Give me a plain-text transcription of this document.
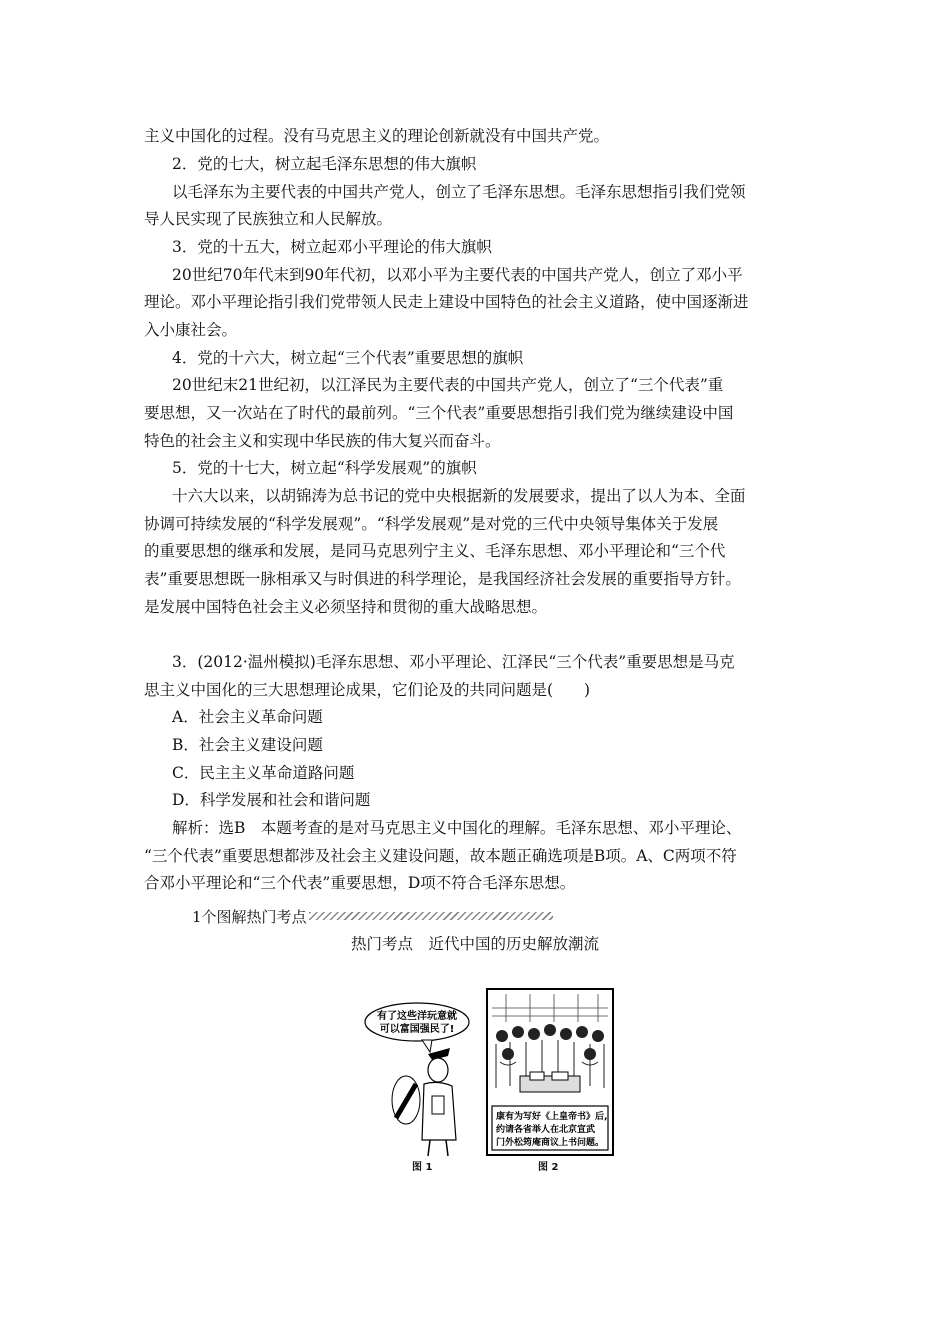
主义中国化的过程。没有马克思主义的理论创新就没有中国共产党。
2．党的七大，树立起毛泽东思想的伟大旗帜
以毛泽东为主要代表的中国共产党人，创立了毛泽东思想。毛泽东思想指引我们党领
导人民实现了民族独立和人民解放。
3．党的十五大，树立起邓小平理论的伟大旗帜
20世纪70年代末到90年代初，以邓小平为主要代表的中国共产党人，创立了邓小平
理论。邓小平理论指引我们党带领人民走上建设中国特色的社会主义道路，使中国逐渐进
入小康社会。
4．党的十六大，树立起“三个代表”重要思想的旗帜
20世纪末21世纪初，以江泽民为主要代表的中国共产党人，创立了“三个代表”重
要思想，又一次站在了时代的最前列。“三个代表”重要思想指引我们党为继续建设中国
特色的社会主义和实现中华民族的伟大复兴而奋斗。
5．党的十七大，树立起“科学发展观”的旗帜
十六大以来，以胡锦涛为总书记的党中央根据新的发展要求，提出了以人为本、全面
协调可持续发展的“科学发展观”。“科学发展观”是对党的三代中央领导集体关于发展
的重要思想的继承和发展，是同马克思列宁主义、毛泽东思想、邓小平理论和“三个代
表”重要思想既一脉相承又与时俱进的科学理论，是我国经济社会发展的重要指导方针。
是发展中国特色社会主义必须坚持和贯彻的重大战略思想。
3．(2012·温州模拟)毛泽东思想、邓小平理论、江泽民“三个代表”重要思想是马克
思主义中国化的三大思想理论成果，它们论及的共同问题是(　　)
A．社会主义革命问题
B．社会主义建设问题
C．民主主义革命道路问题
D．科学发展和社会和谐问题
解析：选B　本题考查的是对马克思主义中国化的理解。毛泽东思想、邓小平理论、
“三个代表”重要思想都涉及社会主义建设问题，故本题正确选项是B项。A、C两项不符
合邓小平理论和“三个代表”重要思想，D项不符合毛泽东思想。
1个图解热门考点
热门考点　近代中国的历史解放潮流
有了这些洋玩意就
可以富国强民了!
图 1
康有为写好《上皇帝书》后,
约请各省举人在北京宣武
门外松筠庵商议上书问题。
图 2
